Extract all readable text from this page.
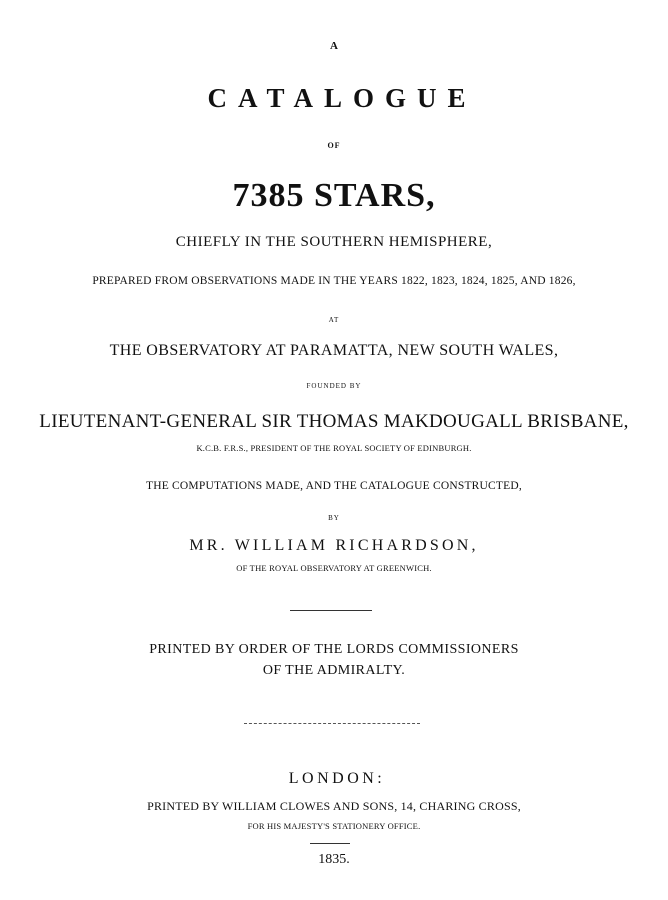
A
CATALOGUE
OF
7385 STARS,
CHIEFLY IN THE SOUTHERN HEMISPHERE,
PREPARED FROM OBSERVATIONS MADE IN THE YEARS 1822, 1823, 1824, 1825, AND 1826,
AT
THE OBSERVATORY AT PARAMATTA, NEW SOUTH WALES,
FOUNDED BY
LIEUTENANT-GENERAL SIR THOMAS MAKDOUGALL BRISBANE,
K.C.B. F.R.S., PRESIDENT OF THE ROYAL SOCIETY OF EDINBURGH.
THE COMPUTATIONS MADE, AND THE CATALOGUE CONSTRUCTED,
BY
MR. WILLIAM RICHARDSON,
OF THE ROYAL OBSERVATORY AT GREENWICH.
PRINTED BY ORDER OF THE LORDS COMMISSIONERS
OF THE ADMIRALTY.
LONDON:
PRINTED BY WILLIAM CLOWES AND SONS, 14, CHARING CROSS,
FOR HIS MAJESTY'S STATIONERY OFFICE.
1835.
